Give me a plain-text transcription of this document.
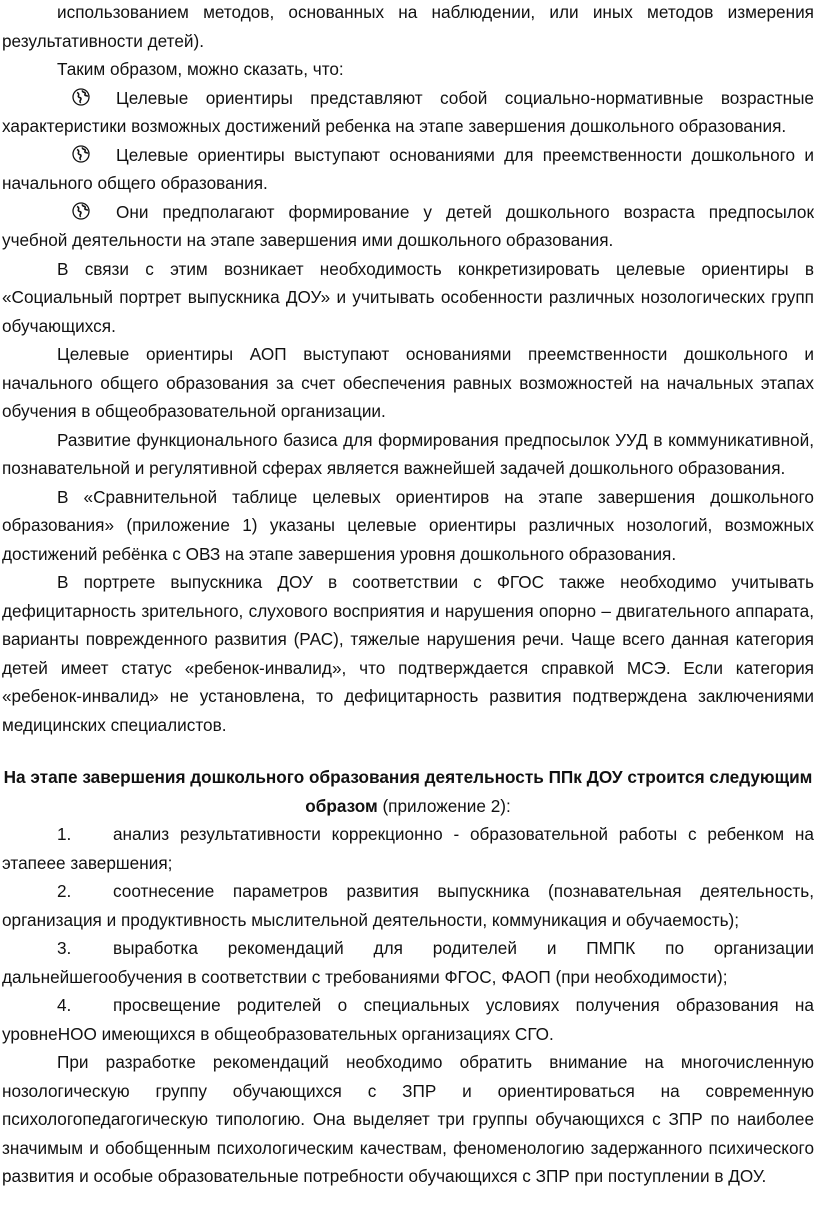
использованием методов, основанных на наблюдении, или иных методов измерения результативности детей).

Таким образом, можно сказать, что:

Целевые ориентиры представляют собой социально-нормативные возрастные характеристики возможных достижений ребенка на этапе завершения дошкольного образования.

Целевые ориентиры выступают основаниями для преемственности дошкольного и начального общего образования.

Они предполагают формирование у детей дошкольного возраста предпосылок учебной деятельности на этапе завершения ими дошкольного образования.

В связи с этим возникает необходимость конкретизировать целевые ориентиры в «Социальный портрет выпускника ДОУ» и учитывать особенности различных нозологических групп обучающихся.

Целевые ориентиры АОП выступают основаниями преемственности дошкольного и начального общего образования за счет обеспечения равных возможностей на начальных этапах обучения в общеобразовательной организации.

Развитие функционального базиса для формирования предпосылок УУД в коммуникативной, познавательной и регулятивной сферах является важнейшей задачей дошкольного образования.

В «Сравнительной таблице целевых ориентиров на этапе завершения дошкольного образования» (приложение 1) указаны целевые ориентиры различных нозологий, возможных достижений ребёнка с ОВЗ на этапе завершения уровня дошкольного образования.

В портрете выпускника ДОУ в соответствии с ФГОС также необходимо учитывать дефицитарность зрительного, слухового восприятия и нарушения опорно – двигательного аппарата, варианты поврежденного развития (РАС), тяжелые нарушения речи. Чаще всего данная категория детей имеет статус «ребенок-инвалид», что подтверждается справкой МСЭ. Если категория «ребенок-инвалид» не установлена, то дефицитарность развития подтверждена заключениями медицинских специалистов.

На этапе завершения дошкольного образования деятельность ППк ДОУ строится следующим образом (приложение 2):

1. анализ результативности коррекционно - образовательной работы с ребенком на этапеее завершения;

2. соотнесение параметров развития выпускника (познавательная деятельность, организация и продуктивность мыслительной деятельности, коммуникация и обучаемость);

3. выработка рекомендаций для родителей и ПМПК по организации дальнейшегообучения в соответствии с требованиями ФГОС, ФАОП (при необходимости);

4. просвещение родителей о специальных условиях получения образования на уровнеНОО имеющихся в общеобразовательных организациях СГО.

При разработке рекомендаций необходимо обратить внимание на многочисленную нозологическую группу обучающихся с ЗПР и ориентироваться на современную психологопедагогическую типологию. Она выделяет три группы обучающихся с ЗПР по наиболее значимым и обобщенным психологическим качествам, феноменологию задержанного психического развития и особые образовательные потребности обучающихся с ЗПР при поступлении в ДОУ.
